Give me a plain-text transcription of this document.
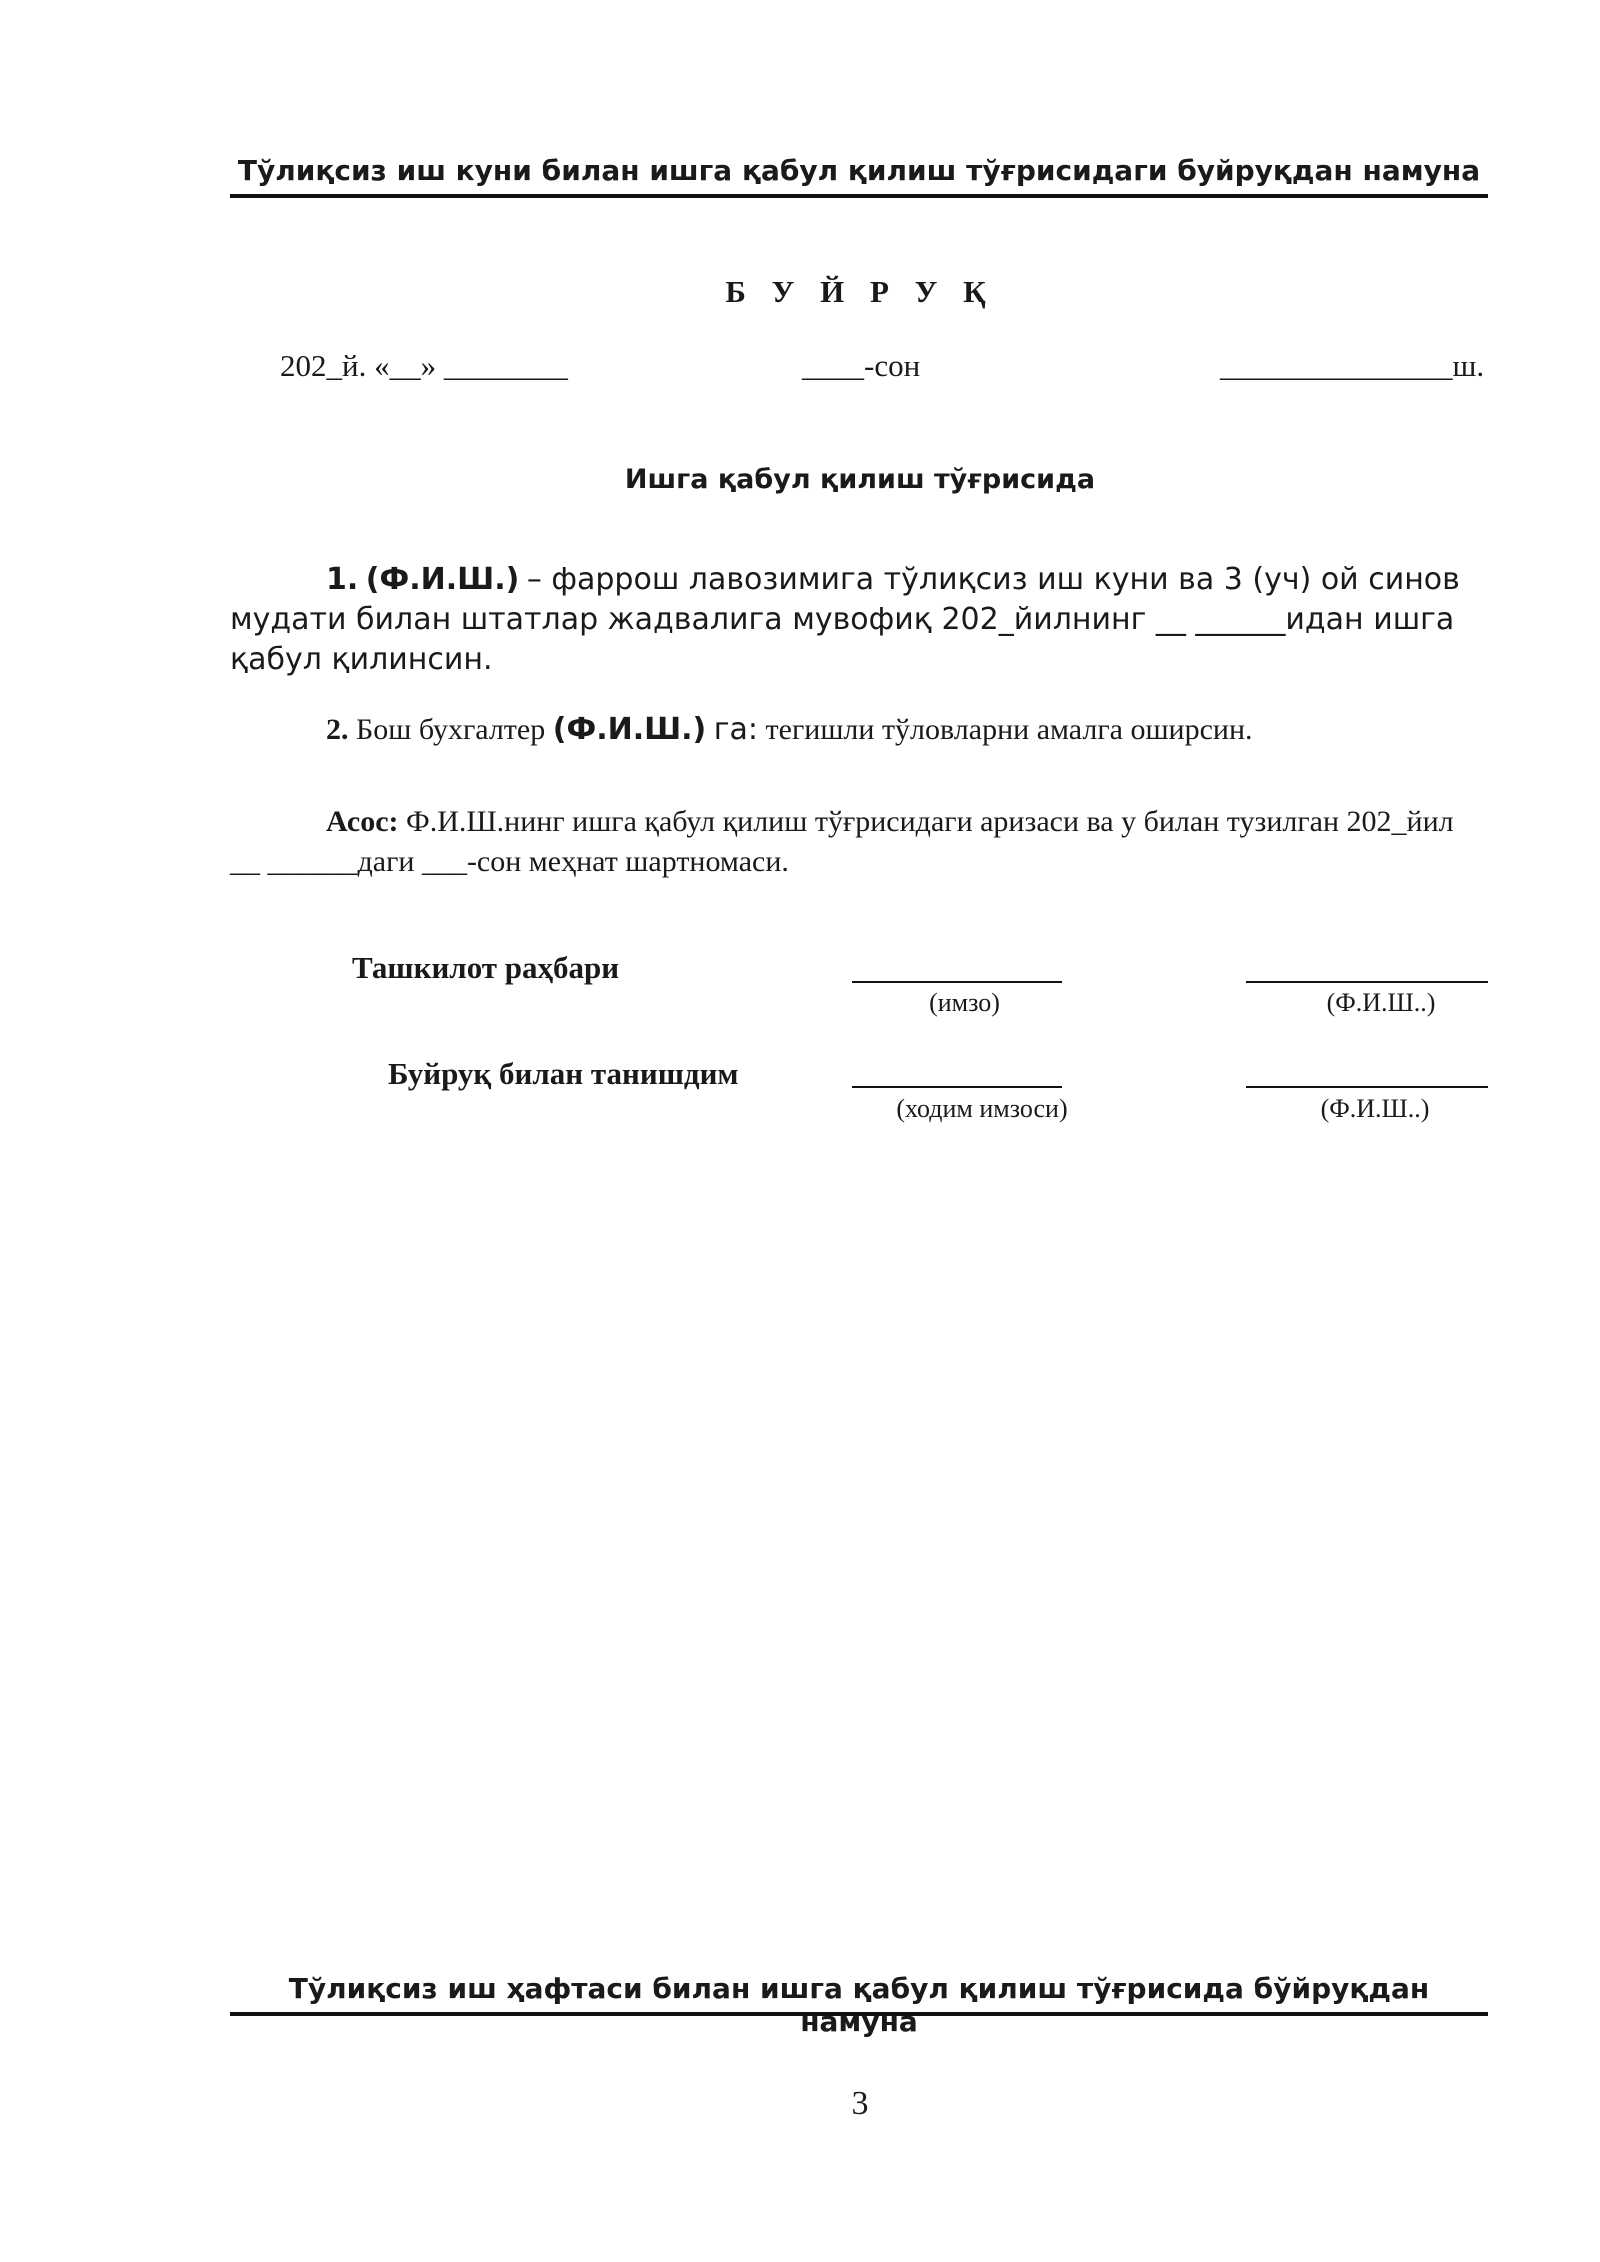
Тўлиқсиз иш куни билан ишга қабул қилиш тўғрисидаги буйруқдан намуна
Б У Й Р У Қ
202_й. «__» ________	____-сон	_______________ш.
Ишга қабул қилиш тўғрисида
1. (Ф.И.Ш.) – фаррош лавозимига тўлиқсиз иш куни ва 3 (уч) ой синов мудати билан штатлар жадвалига мувофиқ 202_йилнинг __ ______идан ишга қабул қилинсин.
2. Бош бухгалтер (Ф.И.Ш.) га: тегишли тўловларни амалга оширсин.
Асос: Ф.И.Ш.нинг ишга қабул қилиш тўғрисидаги аризаси ва у билан тузилган 202_йил __ ______даги ___-сон меҳнат шартномаси.
Ташкилот раҳбари
(имзо)	(Ф.И.Ш..)
Буйруқ билан танишдим
(ходим имзоси)	(Ф.И.Ш..)
Тўлиқсиз иш ҳафтаси билан ишга қабул қилиш тўғрисида бўйруқдан намуна
3
